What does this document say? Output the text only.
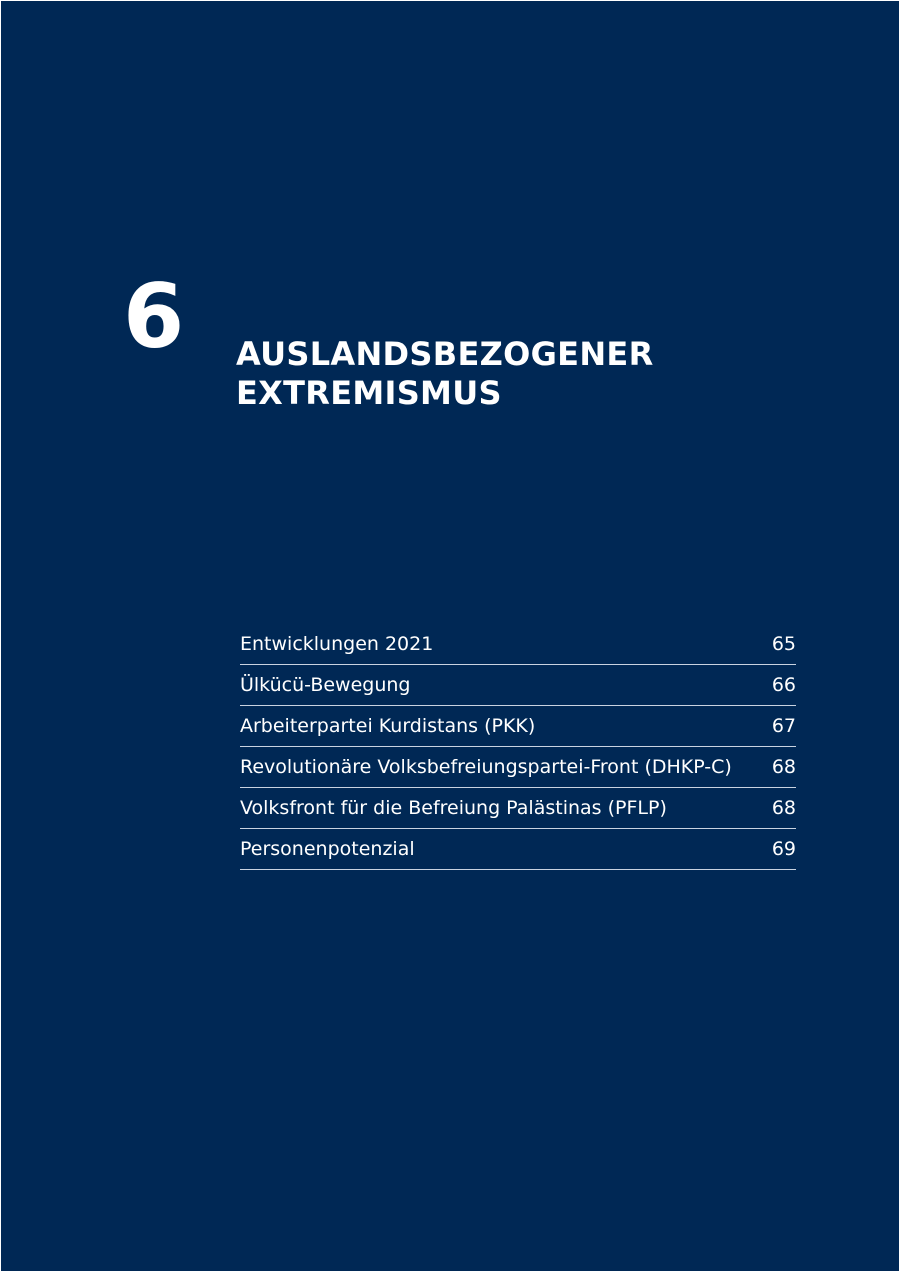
6 AUSLANDSBEZOGENER
EXTREMISMUS
Entwicklungen 2021	65
Ülkücü-Bewegung	66
Arbeiterpartei Kurdistans (PKK)	67
Revolutionäre Volksbefreiungspartei-Front (DHKP-C)	68
Volksfront für die Befreiung Palästinas (PFLP)	68
Personenpotenzial	69
